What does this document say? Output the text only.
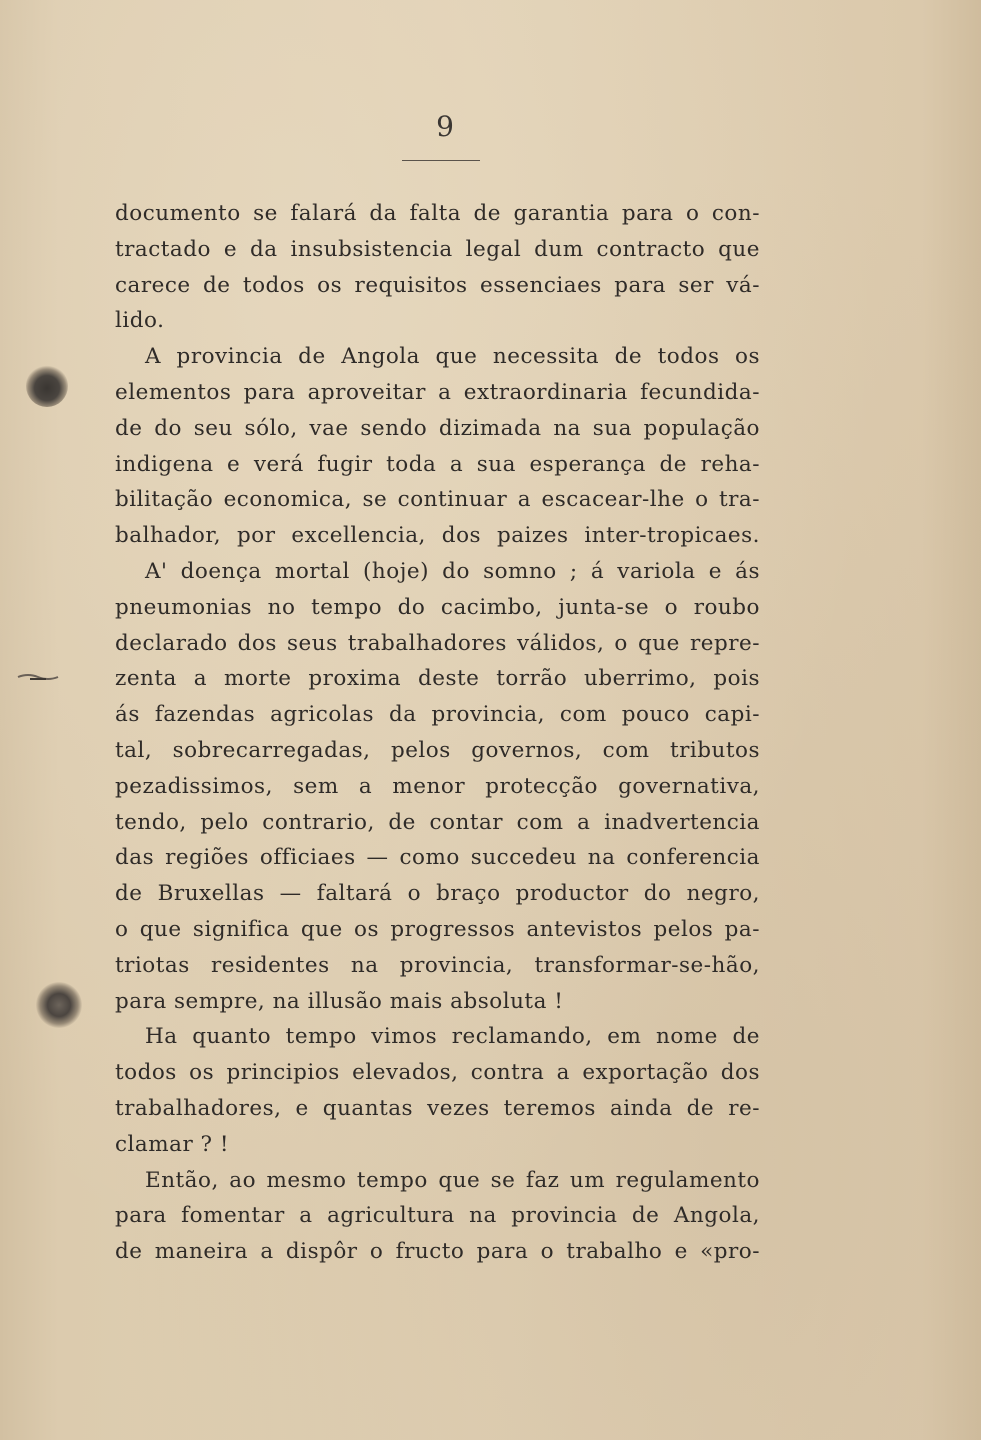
9
documento se falará da falta de garantia para o con-
tractado e da insubsistencia legal dum contracto que
carece de todos os requisitos essenciaes para ser vá-
lido.
A provincia de Angola que necessita de todos os
elementos para aproveitar a extraordinaria fecundida-
de do seu sólo, vae sendo dizimada na sua população
indigena e verá fugir toda a sua esperança de reha-
bilitação economica, se continuar a escacear-lhe o tra-
balhador, por excellencia, dos paizes inter-tropicaes.
A' doença mortal (hoje) do somno ; á variola e ás
pneumonias no tempo do cacimbo, junta-se o roubo
declarado dos seus trabalhadores válidos, o que repre-
zenta a morte proxima deste torrão uberrimo, pois
ás fazendas agricolas da provincia, com pouco capi-
tal, sobrecarregadas, pelos governos, com tributos
pezadissimos, sem a menor protecção governativa,
tendo, pelo contrario, de contar com a inadvertencia
das regiões officiaes — como succedeu na conferencia
de Bruxellas — faltará o braço productor do negro,
o que significa que os progressos antevistos pelos pa-
triotas residentes na provincia, transformar-se-hão,
para sempre, na illusão mais absoluta !
Ha quanto tempo vimos reclamando, em nome de
todos os principios elevados, contra a exportação dos
trabalhadores, e quantas vezes teremos ainda de re-
clamar ? !
Então, ao mesmo tempo que se faz um regulamento
para fomentar a agricultura na provincia de Angola,
de maneira a dispôr o fructo para o trabalho e «pro-
